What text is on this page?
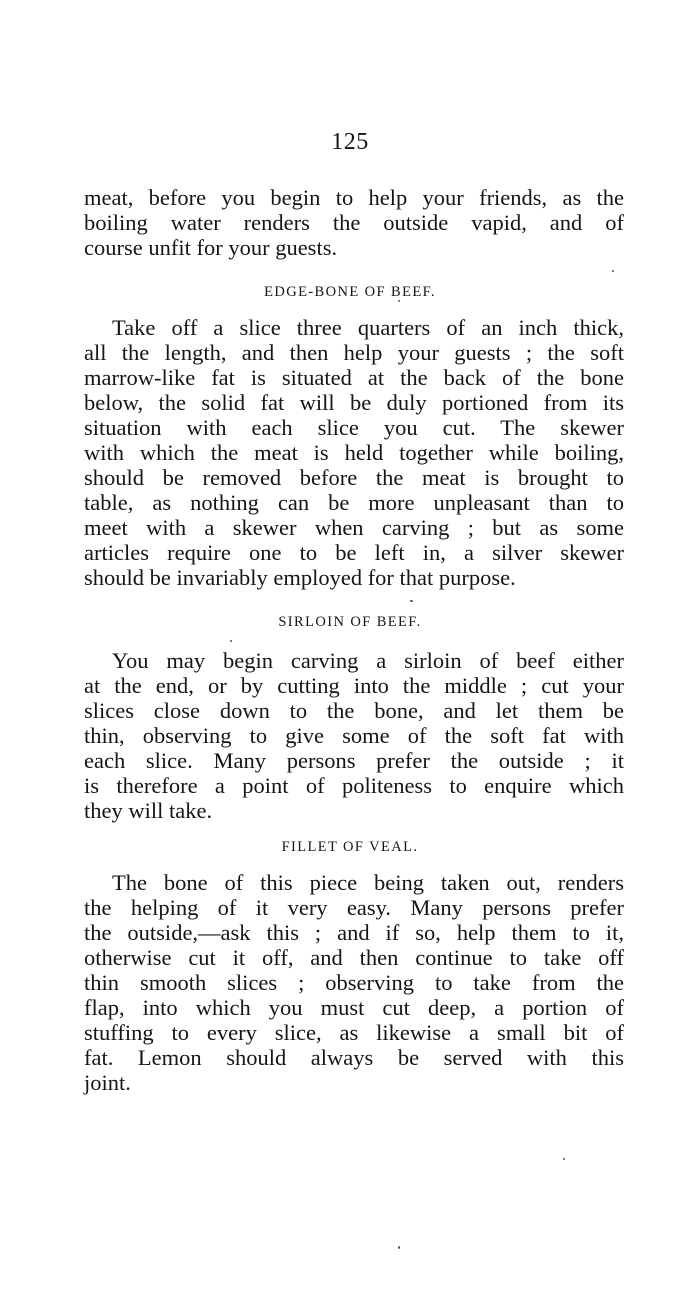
125
meat, before you begin to help your friends, as the
boiling water renders the outside vapid, and of
course unfit for your guests.
EDGE-BONE OF BEEF.
Take off a slice three quarters of an inch thick,
all the length, and then help your guests ; the soft
marrow-like fat is situated at the back of the bone
below, the solid fat will be duly portioned from its
situation with each slice you cut. The skewer
with which the meat is held together while boiling,
should be removed before the meat is brought to
table, as nothing can be more unpleasant than to
meet with a skewer when carving ; but as some
articles require one to be left in, a silver skewer
should be invariably employed for that purpose.
SIRLOIN OF BEEF.
You may begin carving a sirloin of beef either
at the end, or by cutting into the middle ; cut your
slices close down to the bone, and let them be
thin, observing to give some of the soft fat with
each slice. Many persons prefer the outside ; it
is therefore a point of politeness to enquire which
they will take.
FILLET OF VEAL.
The bone of this piece being taken out, renders
the helping of it very easy. Many persons prefer
the outside,—ask this ; and if so, help them to it,
otherwise cut it off, and then continue to take off
thin smooth slices ; observing to take from the
flap, into which you must cut deep, a portion of
stuffing to every slice, as likewise a small bit of
fat. Lemon should always be served with this
joint.
